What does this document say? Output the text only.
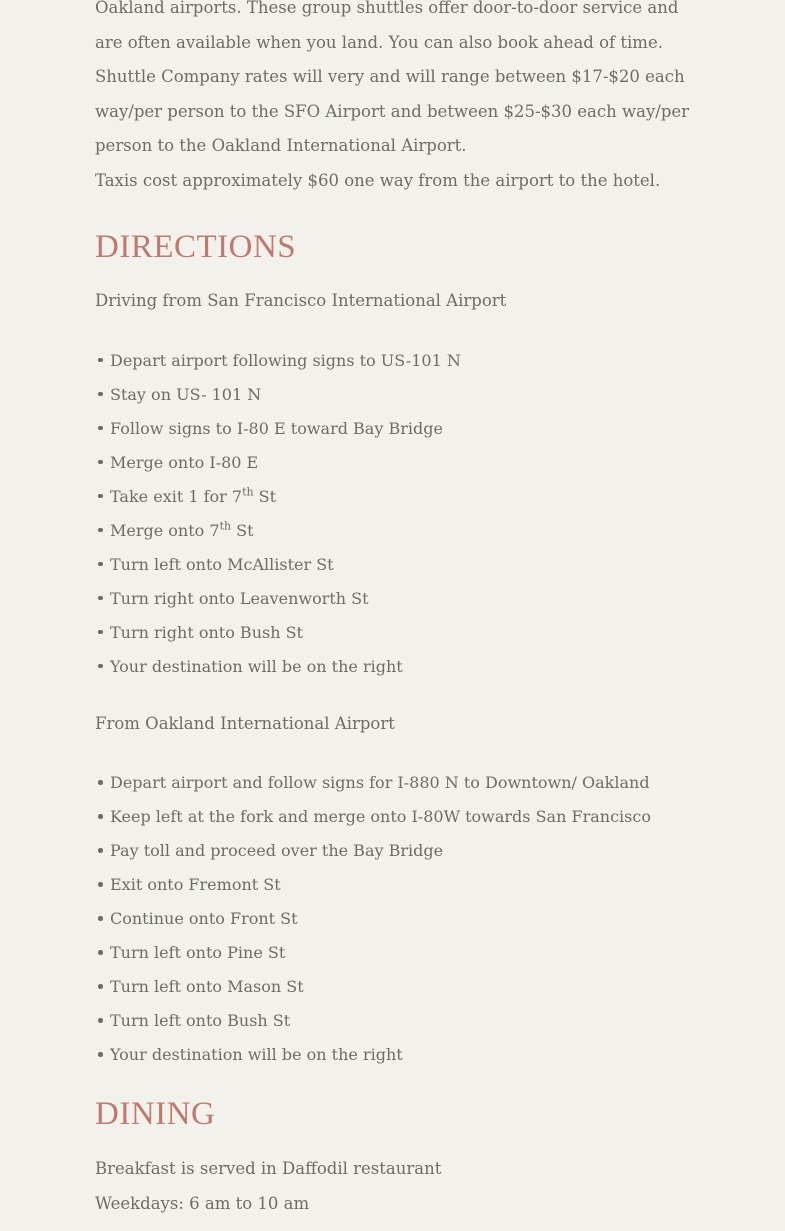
Oakland airports. These group shuttles offer door-to-door service and are often available when you land. You can also book ahead of time. Shuttle Company rates will very and will range between $17-$20 each way/per person to the SFO Airport and between $25-$30 each way/per person to the Oakland International Airport.

Taxis cost approximately $60 one way from the airport to the hotel.

DIRECTIONS

Driving from San Francisco International Airport

Depart airport following signs to US-101 N
Stay on US- 101 N
Follow signs to I-80 E toward Bay Bridge
Merge onto I-80 E
Take exit 1 for 7th St
Merge onto 7th St
Turn left onto McAllister St
Turn right onto Leavenworth St
Turn right onto Bush St
Your destination will be on the right

From Oakland International Airport

Depart airport and follow signs for I-880 N to Downtown/ Oakland
Keep left at the fork and merge onto I-80W towards San Francisco
Pay toll and proceed over the Bay Bridge
Exit onto Fremont St
Continue onto Front St
Turn left onto Pine St
Turn left onto Mason St
Turn left onto Bush St
Your destination will be on the right
DINING

Breakfast is served in Daffodil restaurant

Weekdays: 6 am to 10 am
